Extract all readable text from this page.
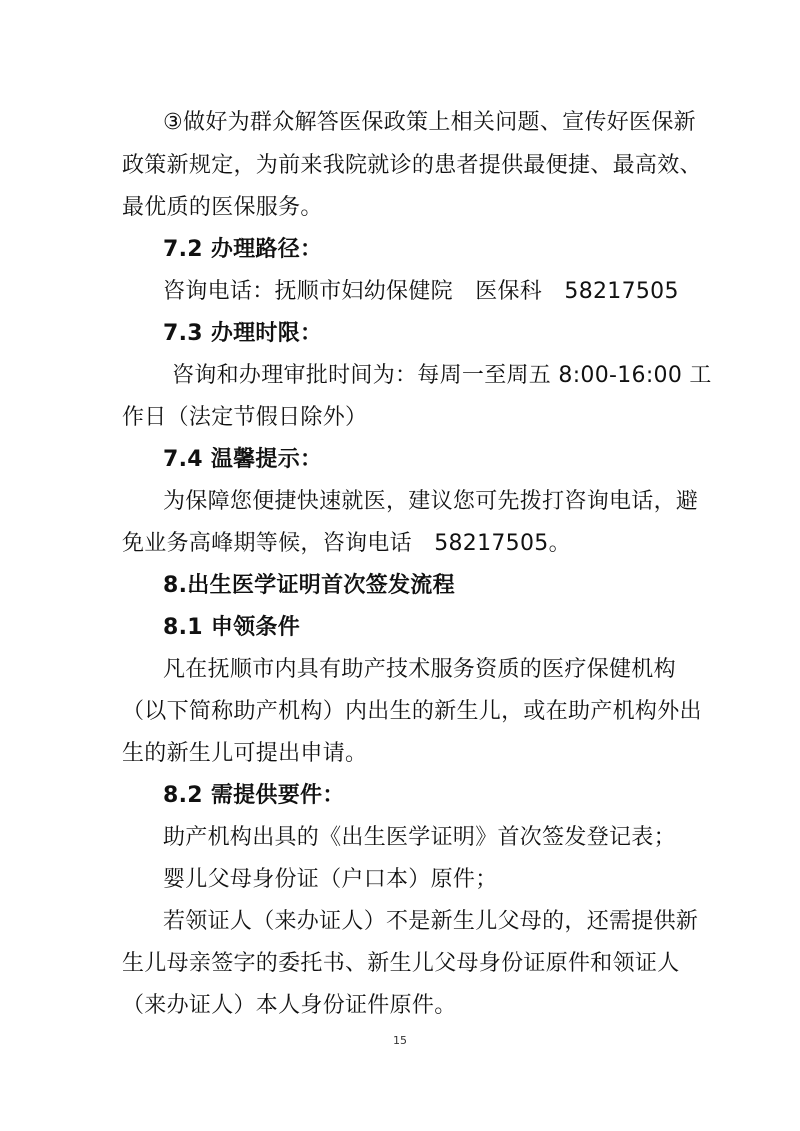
③做好为群众解答医保政策上相关问题、宣传好医保新
政策新规定，为前来我院就诊的患者提供最便捷、最高效、
最优质的医保服务。
7.2 办理路径：
咨询电话：抚顺市妇幼保健院　医保科　58217505
7.3 办理时限：
咨询和办理审批时间为：每周一至周五 8:00-16:00 工
作日（法定节假日除外）
7.4 温馨提示：
为保障您便捷快速就医，建议您可先拨打咨询电话，避
免业务高峰期等候，咨询电话　58217505。
8.出生医学证明首次签发流程
8.1 申领条件
凡在抚顺市内具有助产技术服务资质的医疗保健机构
（以下简称助产机构）内出生的新生儿，或在助产机构外出
生的新生儿可提出申请。
8.2 需提供要件：
助产机构出具的《出生医学证明》首次签发登记表；
婴儿父母身份证（户口本）原件；
若领证人（来办证人）不是新生儿父母的，还需提供新
生儿母亲签字的委托书、新生儿父母身份证原件和领证人
（来办证人）本人身份证件原件。
15
